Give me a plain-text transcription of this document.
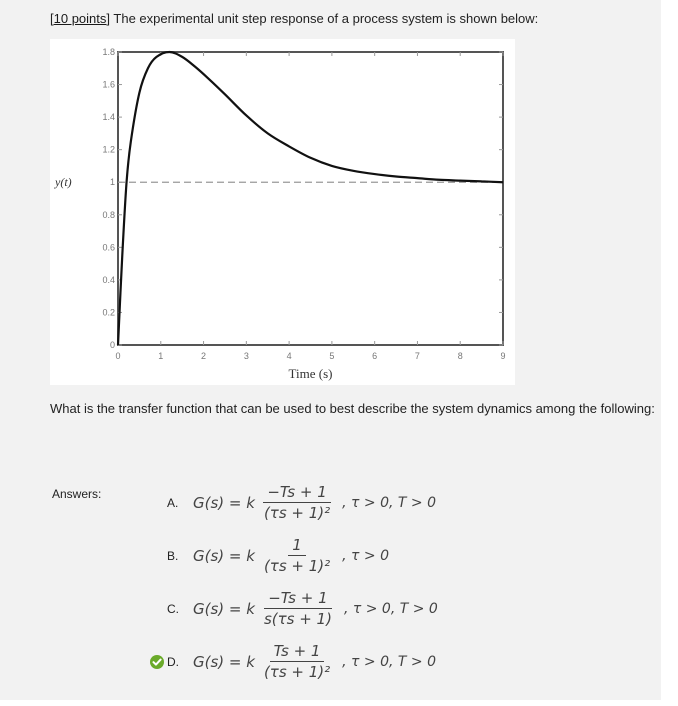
[10 points] The experimental unit step response of a process system is shown below:
0	1	2	3	4	5	6	7	8	9
0
0.2
0.4
0.6
0.8
1
1.2
1.4
1.6
1.8
Time (s)
y(t)
What is the transfer function that can be used to best describe the system dynamics among the following:
Answers:
A. G(s) = k $\frac{-Ts + 1}{\text{(τs + 1)²}}$ , τ > 0, T > 0
B. G(s) = k $\frac{1}{\text{(τs + 1)²}}$ , τ > 0
C. G(s) = k $\frac{-Ts + 1}{s(\tau s + 1)}$ , τ > 0, T > 0
D. G(s) = k $\frac{Ts + 1}{\text{(τs + 1)²}}$ , τ > 0, T > 0
